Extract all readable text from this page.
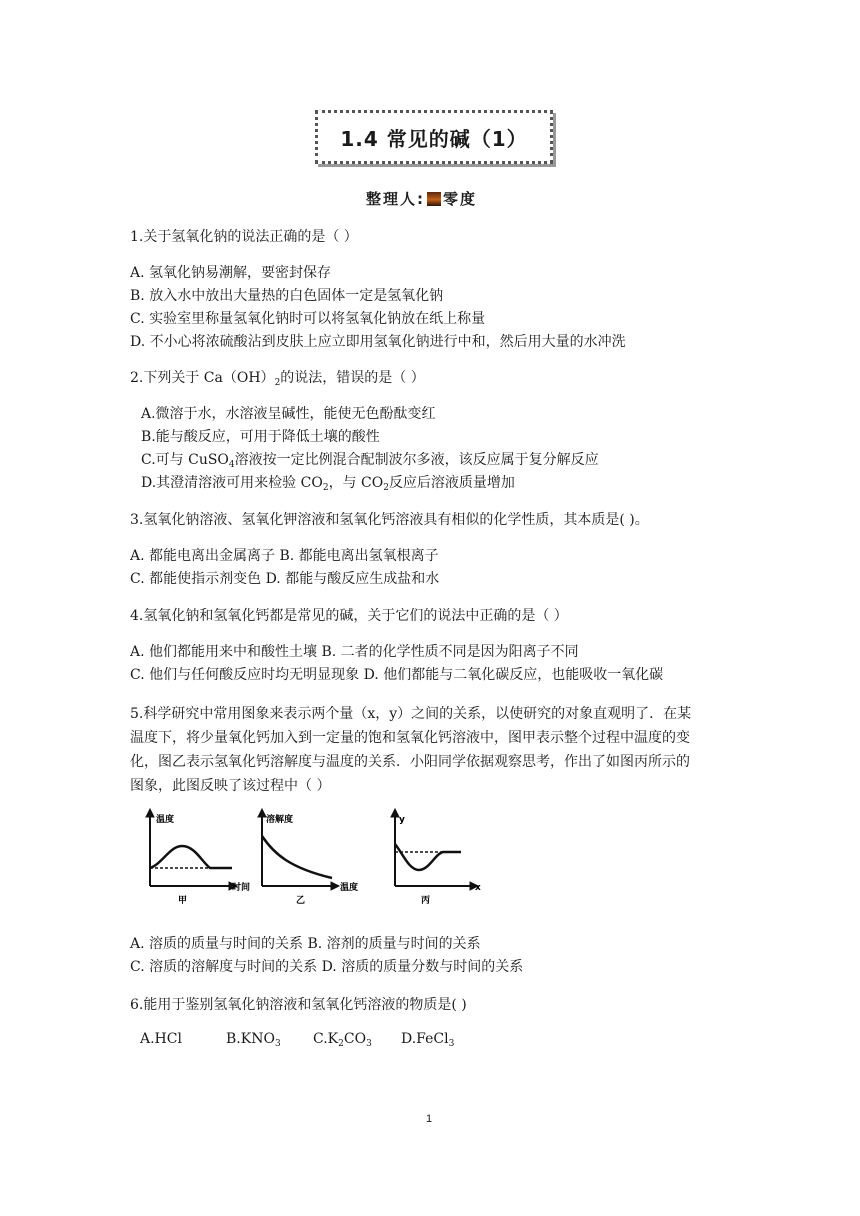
1.4 常见的碱（1）
整理人: 零度
1.关于氢氧化钠的说法正确的是（ ）
A. 氢氧化钠易潮解，要密封保存
B. 放入水中放出大量热的白色固体一定是氢氧化钠
C. 实验室里称量氢氧化钠时可以将氢氧化钠放在纸上称量
D. 不小心将浓硫酸沾到皮肤上应立即用氢氧化钠进行中和，然后用大量的水冲洗
2.下列关于 $Ca(OH)_2$的说法，错误的是（ ）
A.微溶于水，水溶液呈碱性，能使无色酚酞变红
B.能与酸反应，可用于降低土壤的酸性
C.可与 CuSO$_4$溶液按一定比例混合配制波尔多液，该反应属于复分解反应
D.其澄清溶液可用来检验 $CO_2$，与 $CO_2$反应后溶液质量增加
3.氢氧化钠溶液、氢氧化钾溶液和氢氧化钙溶液具有相似的化学性质，其本质是( )。
A. 都能电离出金属离子 B. 都能电离出氢氧根离子
C. 都能使指示剂变色 D. 都能与酸反应生成盐和水
4.氢氧化钠和氢氧化钙都是常见的碱，关于它们的说法中正确的是（ ）
A. 他们都能用来中和酸性土壤 B. 二者的化学性质不同是因为阳离子不同
C. 他们与任何酸反应时均无明显现象 D. 他们都能与二氧化碳反应，也能吸收一氧化碳
5.科学研究中常用图象来表示两个量（x，y）之间的关系，以使研究的对象直观明了．在某
温度下，将少量氧化钙加入到一定量的饱和氢氧化钙溶液中，图甲表示整个过程中温度的变
化，图乙表示氢氧化钙溶解度与温度的关系．小阳同学依据观察思考，作出了如图丙所示的
图象，此图反映了该过程中（ ）
温度
时间
甲
溶解度
温度
乙
y
x
丙
A. 溶质的质量与时间的关系 B. 溶剂的质量与时间的关系
C. 溶质的溶解度与时间的关系 D. 溶质的质量分数与时间的关系
6.能用于鉴别氢氧化钠溶液和氢氧化钙溶液的物质是( )
A.HCl	$B.KNO_3$ $C.K_2CO_3$ D.FeCl$_3$
1
